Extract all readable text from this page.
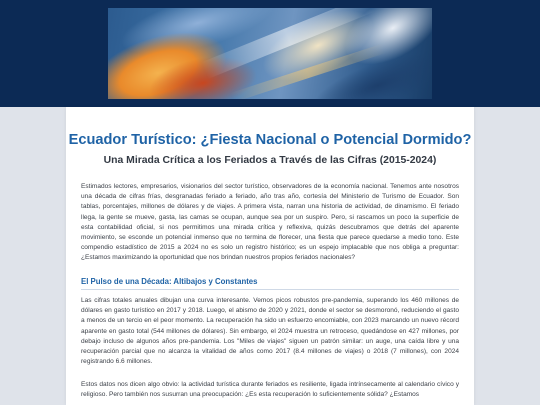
Ecuador Turístico: ¿Fiesta Nacional o Potencial Dormido?
Una Mirada Crítica a los Feriados a Través de las Cifras (2015-2024)

Estimados lectores, empresarios, visionarios del sector turístico, observadores de la economía nacional. Tenemos ante nosotros una década de cifras frías, desgranadas feriado a feriado, año tras año, cortesía del Ministerio de Turismo de Ecuador. Son tablas, porcentajes, millones de dólares y de viajes. A primera vista, narran una historia de actividad, de dinamismo. El feriado llega, la gente se mueve, gasta, las camas se ocupan, aunque sea por un suspiro. Pero, si rascamos un poco la superficie de esta contabilidad oficial, si nos permitimos una mirada crítica y reflexiva, quizás descubramos que detrás del aparente movimiento, se esconde un potencial inmenso que no termina de florecer, una fiesta que parece quedarse a medio tono. Este compendio estadístico de 2015 a 2024 no es solo un registro histórico; es un espejo implacable que nos obliga a preguntar: ¿Estamos maximizando la oportunidad que nos brindan nuestros propios feriados nacionales?

El Pulso de una Década: Altibajos y Constantes

Las cifras totales anuales dibujan una curva interesante. Vemos picos robustos pre-pandemia, superando los 460 millones de dólares en gasto turístico en 2017 y 2018. Luego, el abismo de 2020 y 2021, donde el sector se desmoronó, reduciendo el gasto a menos de un tercio en el peor momento. La recuperación ha sido un esfuerzo encomiable, con 2023 marcando un nuevo récord aparente en gasto total (544 millones de dólares). Sin embargo, el 2024 muestra un retroceso, quedándose en 427 millones, por debajo incluso de algunos años pre-pandemia. Los "Miles de viajes" siguen un patrón similar: un auge, una caída libre y una recuperación parcial que no alcanza la vitalidad de años como 2017 (8.4 millones de viajes) o 2018 (7 millones), con 2024 registrando 6.6 millones.

Estos datos nos dicen algo obvio: la actividad turística durante feriados es resiliente, ligada intrínsecamente al calendario cívico y religioso. Pero también nos susurran una preocupación: ¿Es esta recuperación lo suficientemente sólida? ¿Estamos
